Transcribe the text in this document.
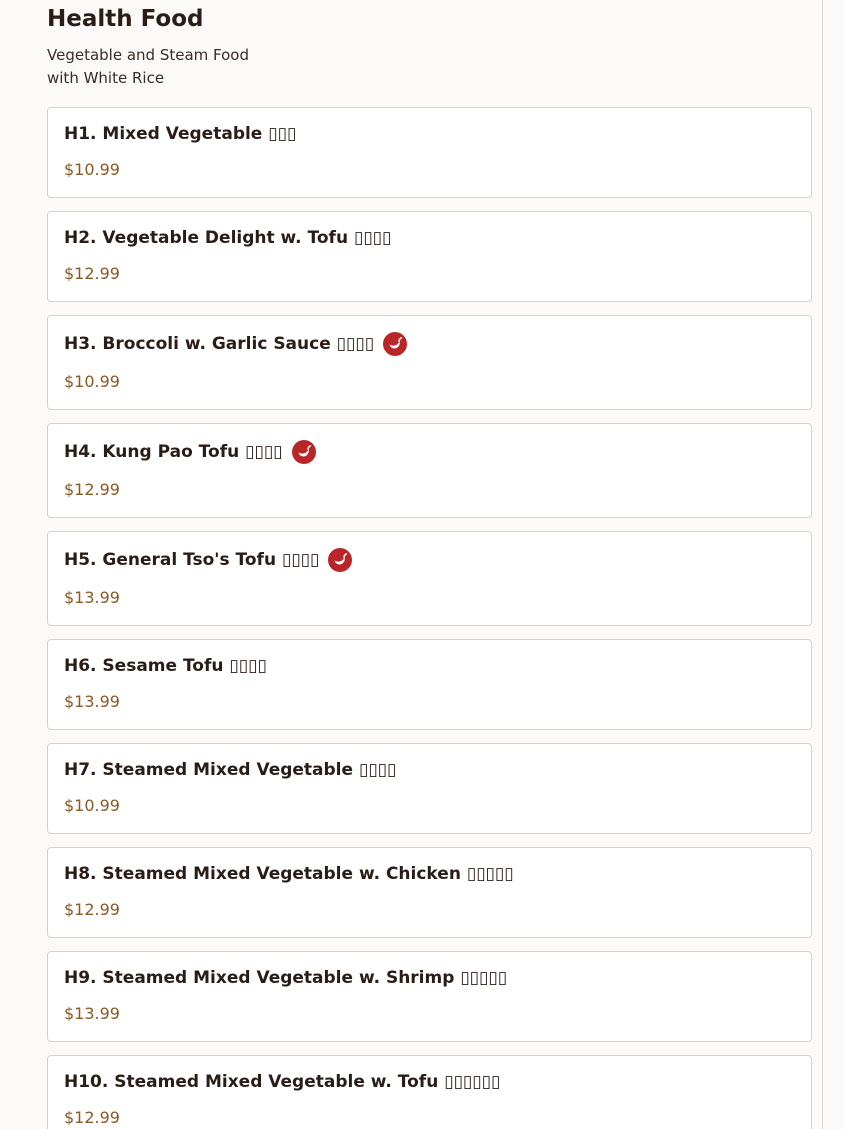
Health Food

Vegetable and Steam Food
with White Rice

H1. Mixed Vegetable ▯▯▯
$10.99
H2. Vegetable Delight w. Tofu ▯▯▯▯
$12.99
H3. Broccoli w. Garlic Sauce ▯▯▯▯
$10.99
H4. Kung Pao Tofu ▯▯▯▯
$12.99
H5. General Tso's Tofu ▯▯▯▯
$13.99
H6. Sesame Tofu ▯▯▯▯
$13.99
H7. Steamed Mixed Vegetable ▯▯▯▯
$10.99
H8. Steamed Mixed Vegetable w. Chicken ▯▯▯▯▯
$12.99
H9. Steamed Mixed Vegetable w. Shrimp ▯▯▯▯▯
$13.99
H10. Steamed Mixed Vegetable w. Tofu ▯▯▯▯▯▯
$12.99
